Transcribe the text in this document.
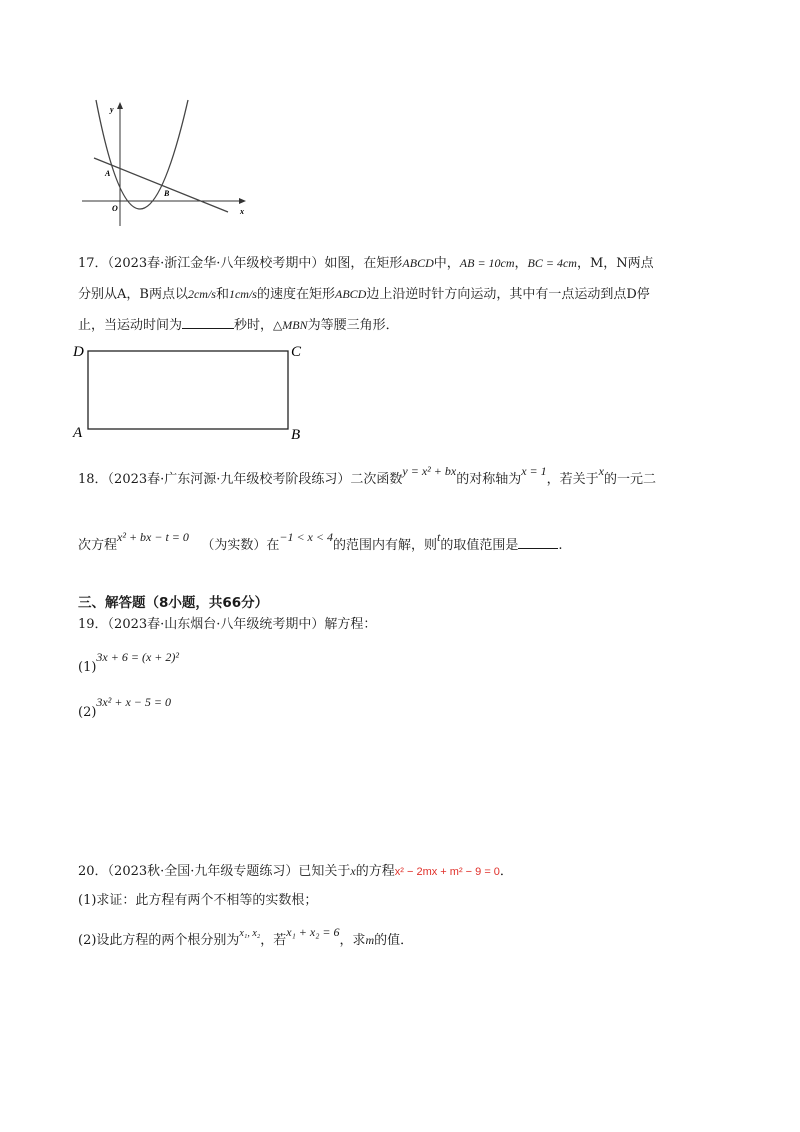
y
x
O
A
B
17．（2023春·浙江金华·八年级校考期中）如图，在矩形ABCD中，AB = 10cm，BC = 4cm，M，N两点
分别从A，B两点以2cm/s和1cm/s的速度在矩形ABCD边上沿逆时针方向运动，其中有一点运动到点D停
止，当运动时间为	秒时，△MBN为等腰三角形．
D	C
A	B
18．（2023春·广东河源·九年级校考阶段练习）二次函数y = x² + bx的对称轴为x = 1，若关于x的一元二
次方程x² + bx − t = 0   （为实数）在−1 < x < 4的范围内有解，则t的取值范围是	.
三、解答题（8小题，共66分）
19．（2023春·山东烟台·八年级统考期中）解方程：
(1)3x + 6 = (x + 2)²
(2)3x² + x − 5 = 0
20．（2023秋·全国·九年级专题练习）已知关于x的方程x² − 2mx + m² − 9 = 0．
(1)求证：此方程有两个不相等的实数根；
(2)设此方程的两个根分别为$^{x_1, x_2}$，若x₁ + x₂ = 6，求m的值．
